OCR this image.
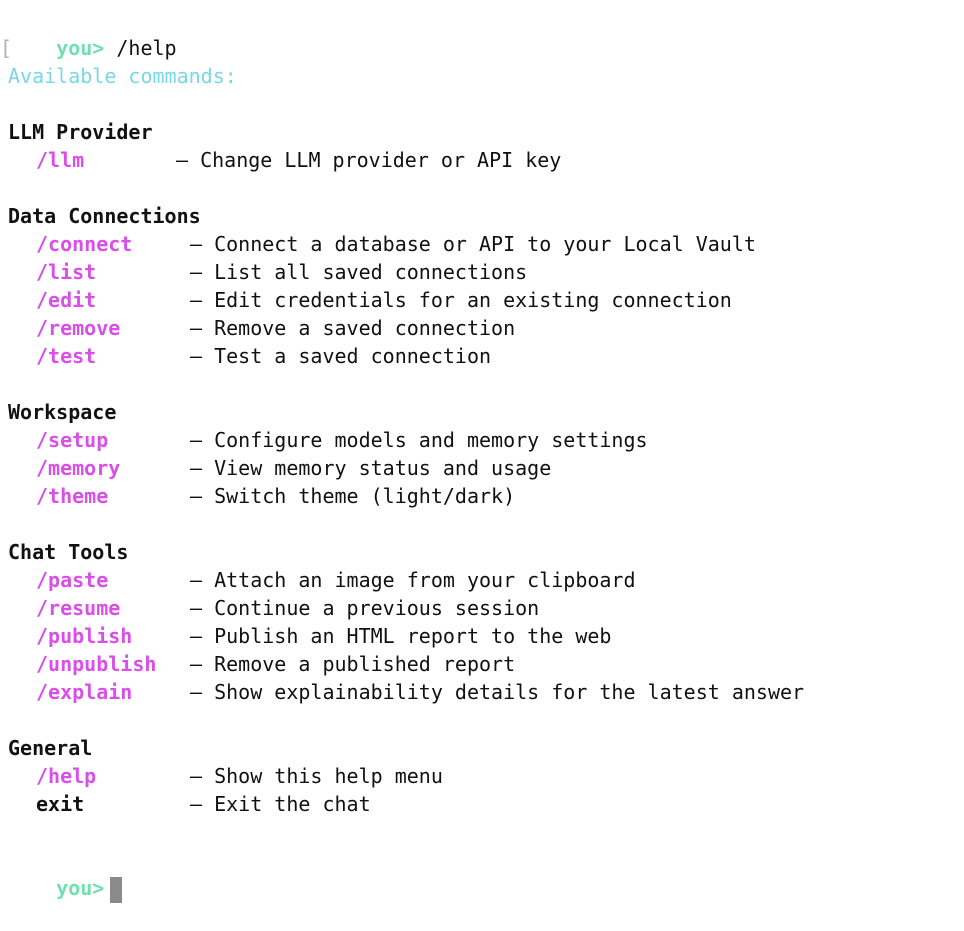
[ you> /help

Available commands:
LLM Provider
/llm	— Change LLM provider or API key
Data Connections
/connect	— Connect a database or API to your Local Vault
/list	— List all saved connections
/edit	— Edit credentials for an existing connection
/remove	— Remove a saved connection
/test	— Test a saved connection
Workspace
/setup	— Configure models and memory settings
/memory	— View memory status and usage
/theme	— Switch theme (light/dark)
Chat Tools
/paste	— Attach an image from your clipboard
/resume	— Continue a previous session
/publish	— Publish an HTML report to the web
/unpublish	— Remove a published report
/explain	— Show explainability details for the latest answer
General
/help	— Show this help menu
exit	— Exit the chat

you>
